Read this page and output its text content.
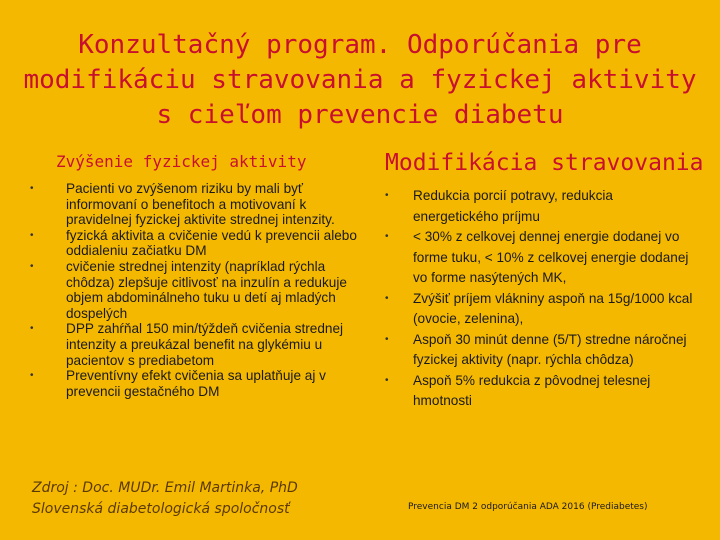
Konzultačný program. Odporúčania pre
modifikáciu stravovania a fyzickej aktivity
s cieľom prevencie diabetu
Zvýšenie fyzickej aktivity	Modifikácia stravovania
• Pacienti vo zvýšenom riziku by mali byť informovaní o benefitoch a motivovaní k pravidelnej fyzickej aktivite strednej intenzity.
• fyzická aktivita a cvičenie vedú k prevencii alebo oddialeniu začiatku DM
• cvičenie strednej intenzity (napríklad rýchla chôdza) zlepšuje citlivosť na inzulín a redukuje objem abdominálneho tuku u detí aj mladých dospelých
• DPP zahŕňal 150 min/týždeň cvičenia strednej intenzity a preukázal benefit na glykémiu u pacientov s prediabetom
• Preventívny efekt cvičenia sa uplatňuje aj v prevencii gestačného DM
• Redukcia porcií potravy, redukcia energetického príjmu
• < 30% z celkovej dennej energie dodanej vo forme tuku, < 10% z celkovej energie dodanej vo forme nasýtených MK,
• Zvýšiť príjem vlákniny aspoň na 15g/1000 kcal (ovocie, zelenina),
• Aspoň 30 minút denne (5/T) stredne náročnej fyzickej aktivity (napr. rýchla chôdza)
• Aspoň 5% redukcia z pôvodnej telesnej hmotnosti
Zdroj : Doc. MUDr. Emil Martinka, PhD
Slovenská diabetologická spoločnosť	Prevencia DM 2 odporúčania ADA 2016 (Prediabetes)
